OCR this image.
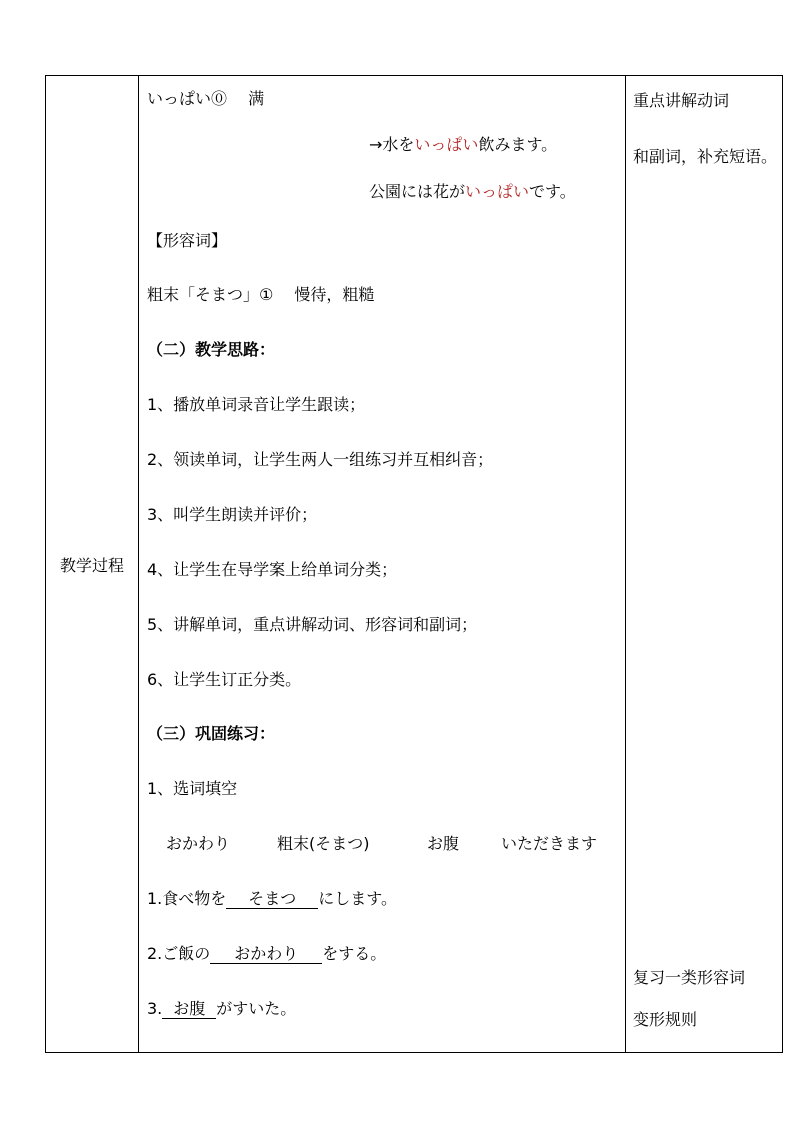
教学过程
いっぱい⓪　 满
→水をいっぱい飲みます。
公園には花がいっぱいです。
【形容词】
粗末「そまつ」①　 慢待，粗糙
（二）教学思路：
1、播放单词录音让学生跟读；
2、领读单词，让学生两人一组练习并互相纠音；
3、叫学生朗读并评价；
4、让学生在导学案上给单词分类；
5、讲解单词，重点讲解动词、形容词和副词；
6、让学生订正分类。
（三）巩固练习：
1、选词填空
おかわり	粗末(そまつ)	お腹	いただきます
1.食べ物を そまつ にします。
2.ご飯の おかわり をする。
3. お腹 がすいた。
重点讲解动词
和副词，补充短语。
复习一类形容词
变形规则
